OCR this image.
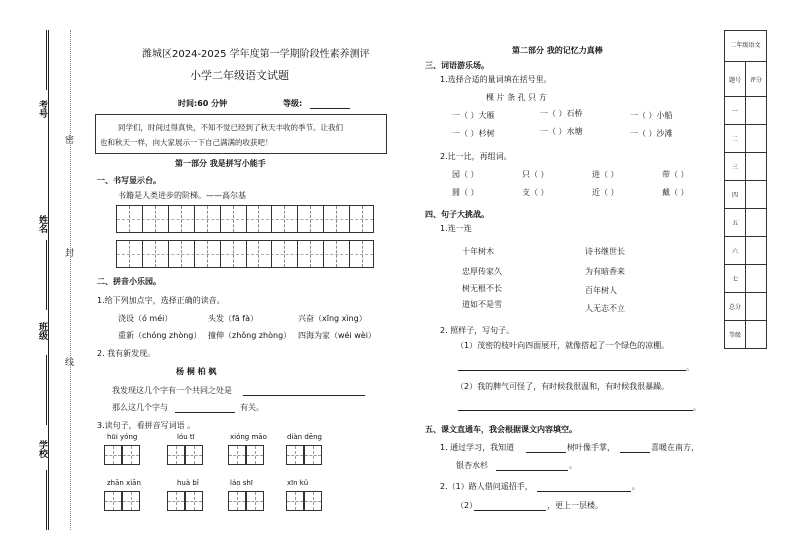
考号
姓名
班级
学校
密
封
线
潍城区2024-2025 学年度第一学期阶段性素养测评
小学二年级语文试题
时间:60 分钟	等级:
同学们，时间过得真快，不知不觉已经到了秋天丰收的季节。让我们
也和秋天一样，向大家展示一下自己满满的收获吧！
第一部分 我是拼写小能手
一、书写显示台。
书籍是人类进步的阶梯。——高尔基
二、拼音小乐园。
1.给下列加点字，选择正确的读音。
浇设（ó méi）	头发（fā fà）	兴奋（xīng xìng）
重新（chóng zhòng） 撞伸（zhǒng zhòng） 四海为家（wéi wèi）
2. 我有新发现。
杨 桐 柏 枫
我发现这几个字有一个共同之处是
那么这几个字与	有关。
3.读句子，看拼音写词语 。
hūi yóng	lóu tī	xióng māo	diàn dēng
zhān xiān	huà bǐ	láo shī	xīn kǔ
第二部分 我的记忆力真棒
三、词语游乐场。
1.选择合适的量词填在括号里。
棵 片 条 孔 只 方
一（ ）大雁	一（ ）石桥	一（ ）小船
一（ ）杉树	一（ ）水塘	一（ ）沙滩
2.比一比，再组词。
园（ ）	只（ ）	进（ ）	带（ ）
圆（ ）	支（ ）	近（ ）	戴（ ）
四、句子大挑战。
1.连一连
十年树木
忠厚传家久
树无根不长
道如不是雪
诗书继世长
为有暗香来
百年树人
人无志不立
2. 照样子，写句子。
（1）茂密的枝叶向四面展开，就像搭起了一个绿色的凉棚。
。
（2）我的脾气可怪了，有时候我很温和，有时候我很暴躁。
。
五、课文直通车，我会根据课文内容填空。
1. 通过学习，我知道	树叶像手掌，	喜暖在南方，
银杏水杉	。
2.（1）路人借问遥招手，	。
（2）	，更上一层楼。
二年级语文	
题号	评分
一	
二	
三	
四	
五	
六	
七	
总分	
等级	
